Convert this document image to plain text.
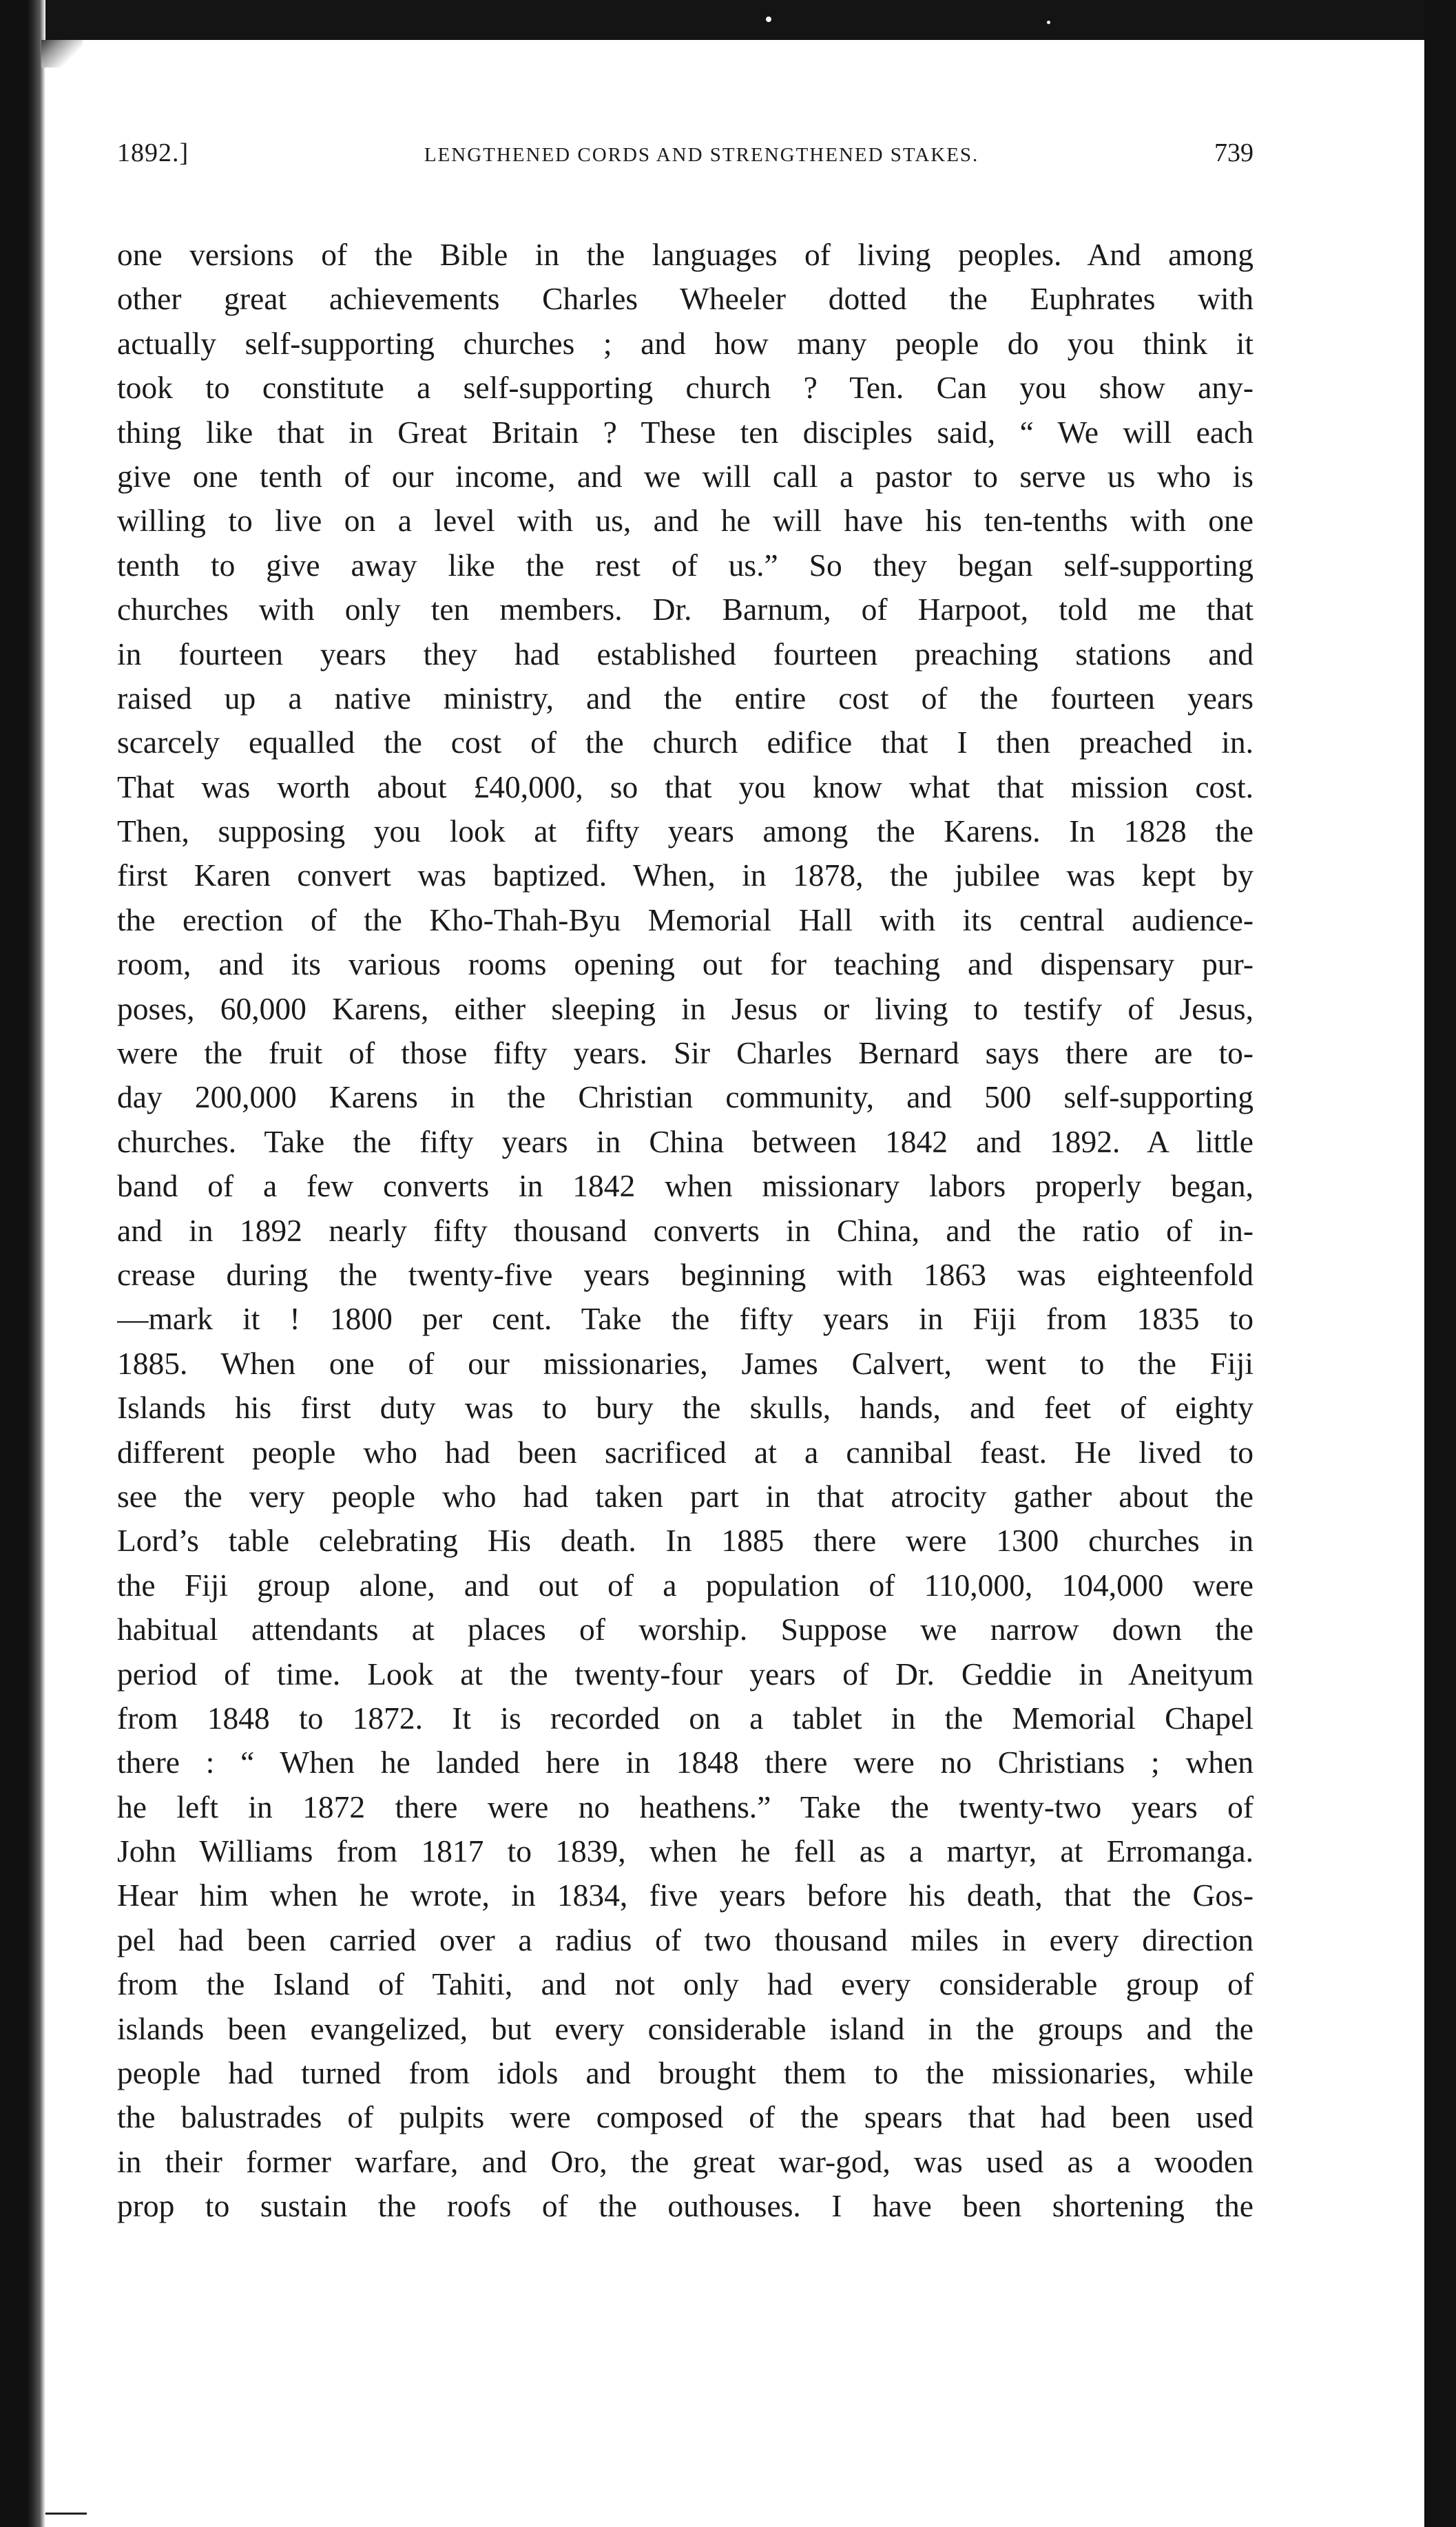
1892.]	LENGTHENED CORDS AND STRENGTHENED STAKES.	739
one versions of the Bible in the languages of living peoples. And among
other great achievements Charles Wheeler dotted the Euphrates with
actually self-supporting churches ; and how many people do you think it
took to constitute a self-supporting church ? Ten. Can you show any-
thing like that in Great Britain ? These ten disciples said, “ We will each
give one tenth of our income, and we will call a pastor to serve us who is
willing to live on a level with us, and he will have his ten-tenths with one
tenth to give away like the rest of us.” So they began self-supporting
churches with only ten members. Dr. Barnum, of Harpoot, told me that
in fourteen years they had established fourteen preaching stations and
raised up a native ministry, and the entire cost of the fourteen years
scarcely equalled the cost of the church edifice that I then preached in.
That was worth about £40,000, so that you know what that mission cost.
Then, supposing you look at fifty years among the Karens. In 1828 the
first Karen convert was baptized. When, in 1878, the jubilee was kept by
the erection of the Kho-Thah-Byu Memorial Hall with its central audience-
room, and its various rooms opening out for teaching and dispensary pur-
poses, 60,000 Karens, either sleeping in Jesus or living to testify of Jesus,
were the fruit of those fifty years. Sir Charles Bernard says there are to-
day 200,000 Karens in the Christian community, and 500 self-supporting
churches. Take the fifty years in China between 1842 and 1892. A little
band of a few converts in 1842 when missionary labors properly began,
and in 1892 nearly fifty thousand converts in China, and the ratio of in-
crease during the twenty-five years beginning with 1863 was eighteenfold
—mark it ! 1800 per cent. Take the fifty years in Fiji from 1835 to
1885. When one of our missionaries, James Calvert, went to the Fiji
Islands his first duty was to bury the skulls, hands, and feet of eighty
different people who had been sacrificed at a cannibal feast. He lived to
see the very people who had taken part in that atrocity gather about the
Lord’s table celebrating His death. In 1885 there were 1300 churches in
the Fiji group alone, and out of a population of 110,000, 104,000 were
habitual attendants at places of worship. Suppose we narrow down the
period of time. Look at the twenty-four years of Dr. Geddie in Aneityum
from 1848 to 1872. It is recorded on a tablet in the Memorial Chapel
there : “ When he landed here in 1848 there were no Christians ; when
he left in 1872 there were no heathens.” Take the twenty-two years of
John Williams from 1817 to 1839, when he fell as a martyr, at Erromanga.
Hear him when he wrote, in 1834, five years before his death, that the Gos-
pel had been carried over a radius of two thousand miles in every direction
from the Island of Tahiti, and not only had every considerable group of
islands been evangelized, but every considerable island in the groups and the
people had turned from idols and brought them to the missionaries, while
the balustrades of pulpits were composed of the spears that had been used
in their former warfare, and Oro, the great war-god, was used as a wooden
prop to sustain the roofs of the outhouses. I have been shortening the
